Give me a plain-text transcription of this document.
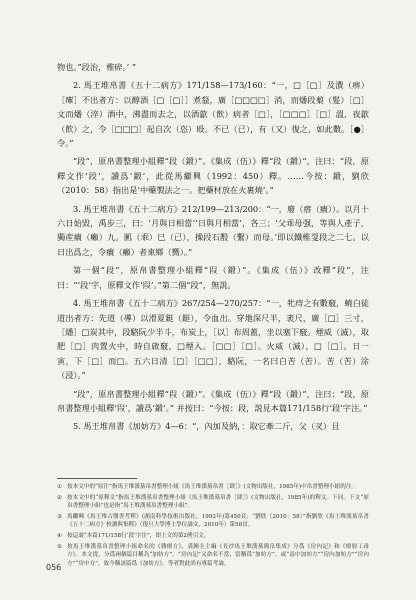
物也。”段治，椎碎。’ ”

2. 馬王堆帛書《五十二病方》171/158—173/160：“一，□［□］及㵒（痹）［癉］不出者方：以醇酒［□［□］］煮韰，廣［□□□□］消，而燔段䔧（髮）［□］文而燔（淬）酒中，沸盡而去之，以酒歙（飲）病者［□］，［□□□］［□］溫，夜歙（飲）之，令［□□□］起自次（恣）殴。不已（已），有（又）復之，如此數。［●］令。”

“段”，原帛書整理小組釋“段（鍛）”。《集成（伍）》釋“段（鍛）”，注曰：“段，原釋文作‘段’，讀爲‘鍛’，此從馬繼興（1992：450）釋。……今按：鍛，劉欣（2010：58）指出是‘中藥製法之一。把藥材放在火裹燒’。”

3. 馬王堆帛書《五十二病方》212/199—213/200：“一，廢（瘩（㿉））。以月十六日始毀，禹步三，曰：‘月與日相當’‘日與月相當’，各三；‘父乖母强，等與人產子，獨産㿉（癩）九。㔳（乖）巳（已），操段石毄（繫）而母。’即以鐵椎㪅段之二七。以日出爲之，令㿉（癩）者東鄉（嚮）。”

第一個“段”，原帛書整理小組釋“叚（鍛）”。《集成（伍）》改釋“段”，注曰：“‘段’字，原釋文作‘叚’。”第二個“段”，無説。

4. 馬王堆帛書《五十二病方》267/254—270/257：“一，牝痔之有數竅，蟯白徒道出者方：先道（導）以滑夏鋌（鋌），令血出。穿地深尺半，袤尺，廣［□］三寸，［燔］□炭其中，段駱阮少半斗，布炭上，［以］布周蓋，坐以塞下竅。煙威（滅），取肥［□］肉置火中，時自啟竅，□煙入。［□□］［□］。火威（滅），□［□］。日一寅，下［□］而□。五六日清［□］［□□］，駱阮，一名曰白苦（苦）。苦（苦）涂（浸）。”

“段”，原帛書整理小組釋“叚（鍛）”。《集成（伍）》釋“段（鍛）”，注曰：“段，原帛書整理小組釋‘叚’，讀爲‘鍛’。” 并按曰：“今按：段，説見本篇171/158行‘段’字注。”

5. 馬王堆帛書《加妨方》4—6：“，內加及納，：取它牽二斤，父（㕚）且

① 按本文中的“原注”指馬王堆漢墓帛書整理小組《馬王堆漢墓帛書［肆］》(文物出版社，1985年)中帛書整理小組的注。
② 按本文中的“原釋文”指馬王堆漢墓帛書整理小組《馬王堆漢墓帛書［肆］》(文物出版社，1985年)的釋文。下同。下文“原帛書整理小組”也是指“馬王堆漢墓帛書整理小組”。
③ 馬繼興《馬王堆古醫書考釋》(湖南科學技術出版社，1992年)第450頁；“劉欣（2010：58）”指劉欣《馬王堆漢墓帛書《五十二病方》校讀與集釋》（復旦大學博士學位論文，2010年）第58頁。
④ 按這裏“本篇171/158行‘段’字注”，即上文的第2例引文。
⑤ 按馬王堆漢墓帛書整理小組命名的《雜療方》，裘錫圭主編《長沙馬王堆漢墓簡帛集成》分爲《房內記》和《療射工毒方》。本文從，分爲兩個篇目稱為“加妨方”。“房內記”又命名不當，當稱爲“加妨方”，或“益中加妨方”“房內加妨方”“房內方”“房中方”，故今稱該篇爲《加妨方》。等者對此尚有專篇考論。
056
